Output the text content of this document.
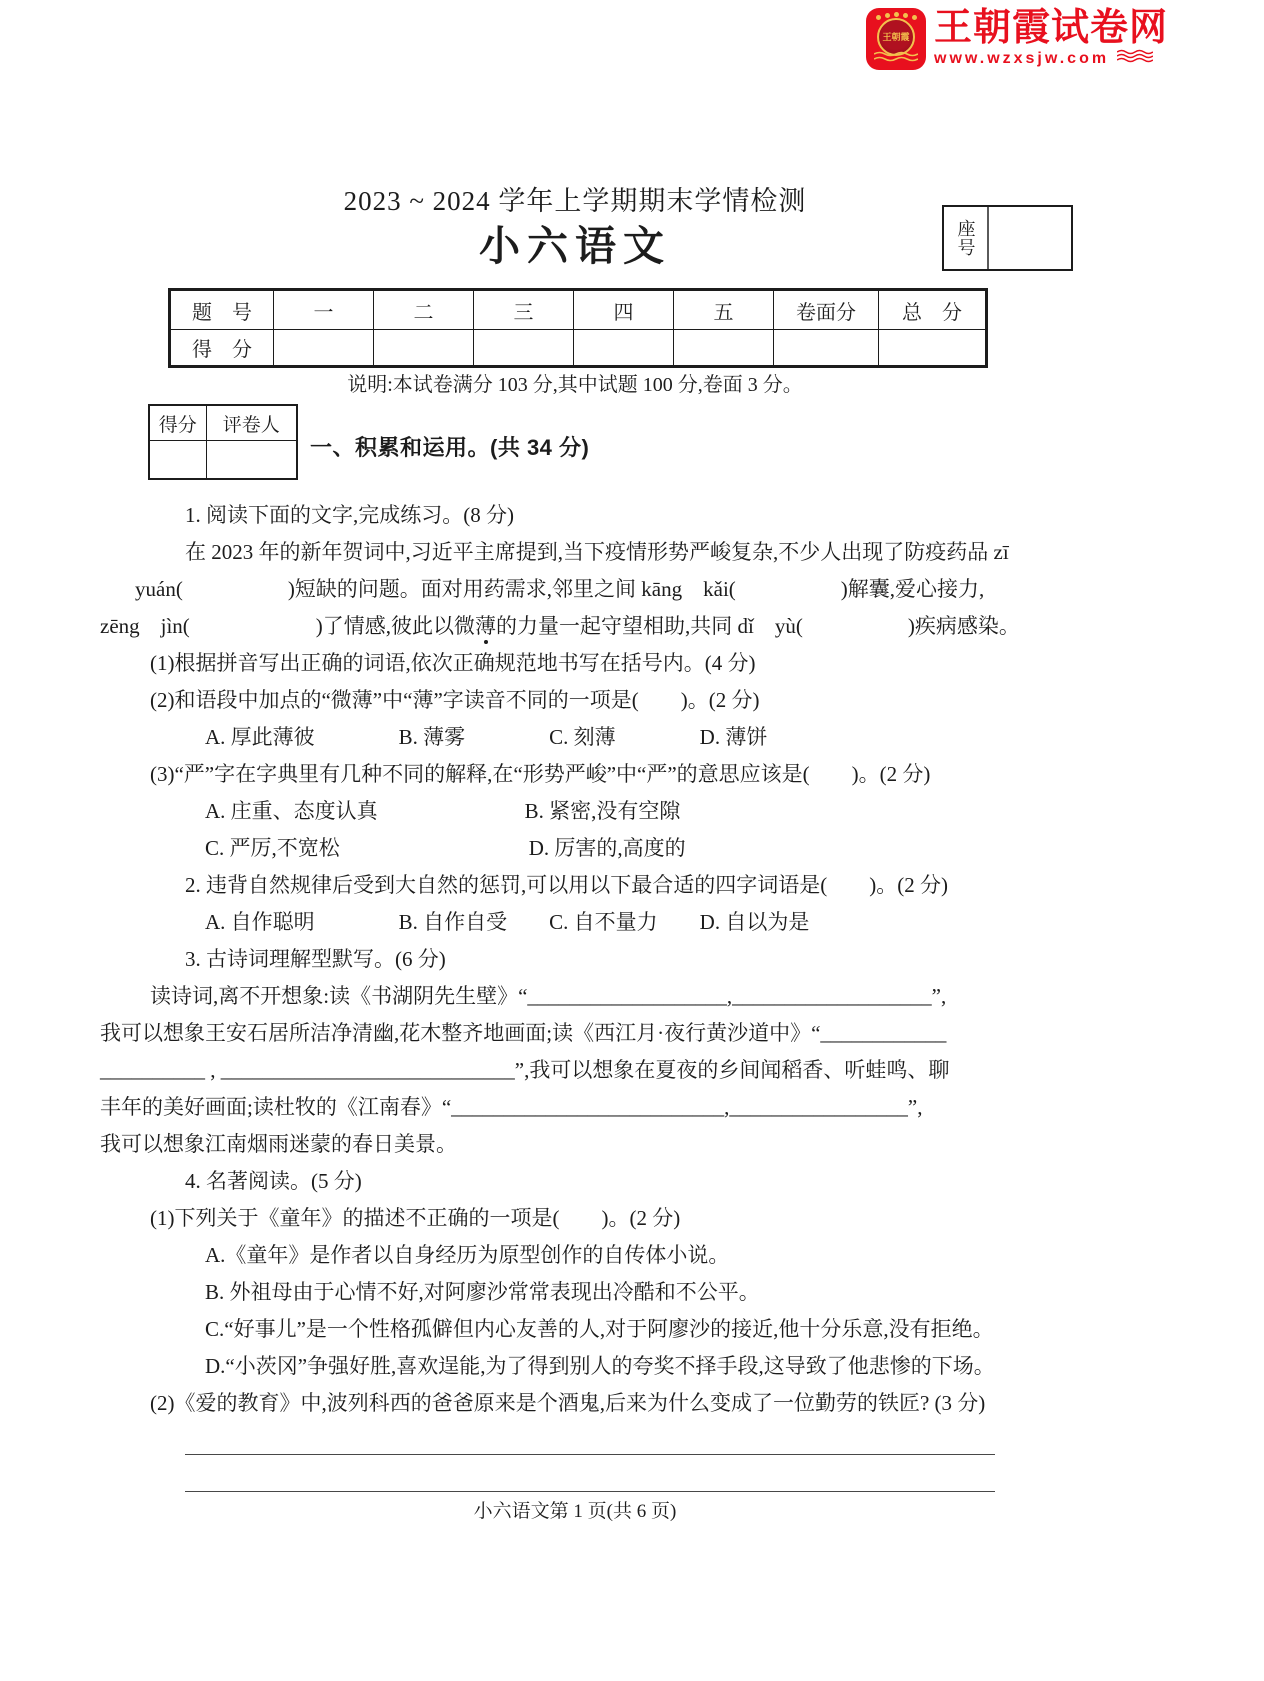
王朝霞 王朝霞试卷网
www.wzxsjw.com
2023 ~ 2024 学年上学期期末学情检测
小六语文	座号
题　号	一	二	三	四	五	卷面分	总　分
得　分							
说明:本试卷满分 103 分,其中试题 100 分,卷面 3 分。
得分	评卷人

一、积累和运用。(共 34 分)
1. 阅读下面的文字,完成练习。(8 分)
在 2023 年的新年贺词中,习近平主席提到,当下疫情形势严峻复杂,不少人出现了防疫药品 zī
yuán(　　　　　)短缺的问题。面对用药需求,邻里之间 kāng　kǎi(　　　　　)解囊,爱心接力,
zēng　jìn(　　　　　　)了情感,彼此以微薄的力量一起守望相助,共同 dǐ　yù(　　　　　)疾病感染。
(1)根据拼音写出正确的词语,依次正确规范地书写在括号内。(4 分)
(2)和语段中加点的“微薄”中“薄”字读音不同的一项是(　　)。(2 分)
A. 厚此薄彼　　　　B. 薄雾　　　　C. 刻薄　　　　D. 薄饼
(3)“严”字在字典里有几种不同的解释,在“形势严峻”中“严”的意思应该是(　　)。(2 分)
A. 庄重、态度认真　　　　　　　B. 紧密,没有空隙
C. 严厉,不宽松　　　　　　　　　D. 厉害的,高度的
2. 违背自然规律后受到大自然的惩罚,可以用以下最合适的四字词语是(　　)。(2 分)
A. 自作聪明　　　　B. 自作自受　　C. 自不量力　　D. 自以为是
3. 古诗词理解型默写。(6 分)
读诗词,离不开想象:读《书湖阴先生壁》“___________________,___________________”,
我可以想象王安石居所洁净清幽,花木整齐地画面;读《西江月·夜行黄沙道中》“____________
__________ , ____________________________”,我可以想象在夏夜的乡间闻稻香、听蛙鸣、聊
丰年的美好画面;读杜牧的《江南春》“__________________________,_________________”,
我可以想象江南烟雨迷蒙的春日美景。
4. 名著阅读。(5 分)
(1)下列关于《童年》的描述不正确的一项是(　　)。(2 分)
A.《童年》是作者以自身经历为原型创作的自传体小说。
B. 外祖母由于心情不好,对阿廖沙常常表现出冷酷和不公平。
C.“好事儿”是一个性格孤僻但内心友善的人,对于阿廖沙的接近,他十分乐意,没有拒绝。
D.“小茨冈”争强好胜,喜欢逞能,为了得到别人的夸奖不择手段,这导致了他悲惨的下场。
(2)《爱的教育》中,波列科西的爸爸原来是个酒鬼,后来为什么变成了一位勤劳的铁匠? (3 分)
小六语文第 1 页(共 6 页)
